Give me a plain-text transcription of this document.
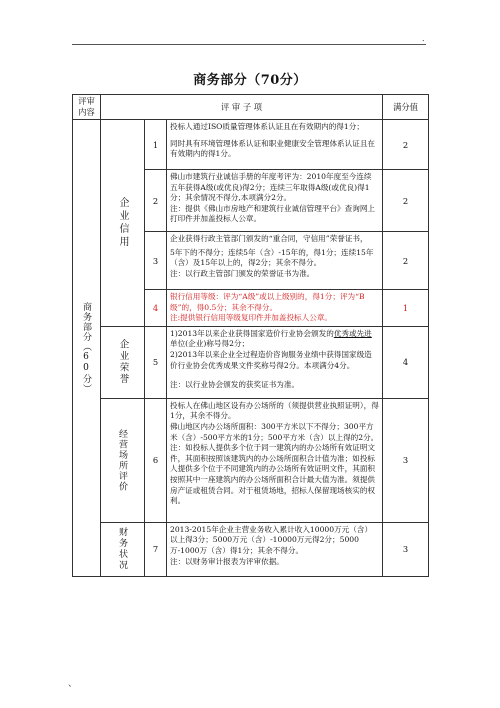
.
商务部分（70分）
评审
内容	评 审 子 项			满分值

商务部分（60分）	企业信用	1	投标人通过ISO质量管理体系认证且在有效期内的得1分；

同时具有环境管理体系认证和职业健康安全管理体系认证且在有效期内的得1分。	2
		2	佛山市建筑行业诚信手册的年度考评为：2010年度至今连续五年获得A级(或优良)得2分；连续三年取得A级(或优良)得1分；其余情况不得分,本项满分2分。

注：提供《佛山市房地产和建筑行业诚信管理平台》查询网上打印件并加盖投标人公章。	2
		3	企业获得行政主管部门颁发的“重合同，守信用”荣誉证书，

5年下的不得分；连续5年（含）-15年的，得1分；连续15年（含）及15年以上的，得2分；其余不得分。

注：以行政主管部门颁发的荣誉证书为准。	2
		4	银行信用等级：评为“A级”或以上级别的，得1分；评为“B级”的，得0.5分；其余不得分。

注:提供银行信用等级复印件并加盖投标人公章。	1

	企业荣誉	5	1)2013年以来企业获得国家造价行业协会颁发的优秀或先进单位(企业)称号得2分；

2)2013年以来企业全过程造价咨询服务业绩中获得国家级造价行业协会优秀成果文件奖称号得2分。本项满分4分。

注：以行业协会颁发的获奖证书为准。	4

	经营场所评价	6	投标人在佛山地区设有办公场所的（须提供营业执照证明），得1分，其余不得分。

佛山地区内办公场所面积：300平方米以下不得分；300平方米（含）-500平方米的1分；500平方米（含）以上得的2分。

注：如投标人提供多个位于同一建筑内的办公场所有效证明文件，其面积按照该建筑内的办公场所面积合计值为准；如投标人提供多个位于不同建筑内的办公场所有效证明文件，其面积按照其中一座建筑内的办公场所面积合计最大值为准。须提供房产证或租赁合同。对于租赁场地，招标人保留现场核实的权利。	3

	财务状况	7	2013-2015年企业主营业务收入累计收入10000万元（含）以上得3分；5000万元（含）-10000万元得2分；5000万-1000万（含）得1分；其余不得分。

注：以财务审计报表为评审依据。	3
、
